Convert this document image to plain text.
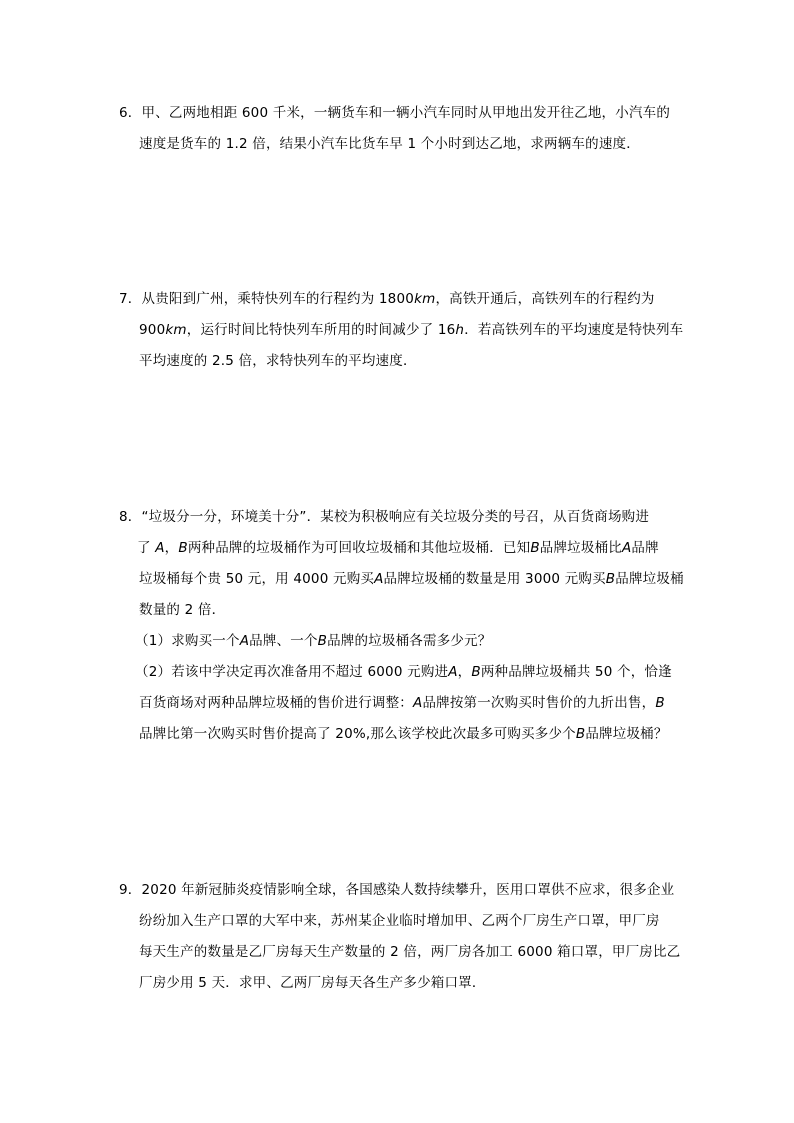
6．甲、乙两地相距 600 千米，一辆货车和一辆小汽车同时从甲地出发开往乙地，小汽车的
速度是货车的 1.2 倍，结果小汽车比货车早 1 个小时到达乙地，求两辆车的速度．
7．从贵阳到广州，乘特快列车的行程约为 1800km，高铁开通后，高铁列车的行程约为
900km，运行时间比特快列车所用的时间减少了 16h．若高铁列车的平均速度是特快列车
平均速度的 2.5 倍，求特快列车的平均速度．
8．“垃圾分一分，环境美十分”．某校为积极响应有关垃圾分类的号召，从百货商场购进
了 A，B两种品牌的垃圾桶作为可回收垃圾桶和其他垃圾桶．已知B品牌垃圾桶比A品牌
垃圾桶每个贵 50 元，用 4000 元购买A品牌垃圾桶的数量是用 3000 元购买B品牌垃圾桶
数量的 2 倍．
（1）求购买一个A品牌、一个B品牌的垃圾桶各需多少元？
（2）若该中学决定再次准备用不超过 6000 元购进A，B两种品牌垃圾桶共 50 个，恰逢
百货商场对两种品牌垃圾桶的售价进行调整：A品牌按第一次购买时售价的九折出售，B
品牌比第一次购买时售价提高了 20%,那么该学校此次最多可购买多少个B品牌垃圾桶？
9．2020 年新冠肺炎疫情影响全球，各国感染人数持续攀升，医用口罩供不应求，很多企业
纷纷加入生产口罩的大军中来，苏州某企业临时增加甲、乙两个厂房生产口罩，甲厂房
每天生产的数量是乙厂房每天生产数量的 2 倍，两厂房各加工 6000 箱口罩，甲厂房比乙
厂房少用 5 天．求甲、乙两厂房每天各生产多少箱口罩．
